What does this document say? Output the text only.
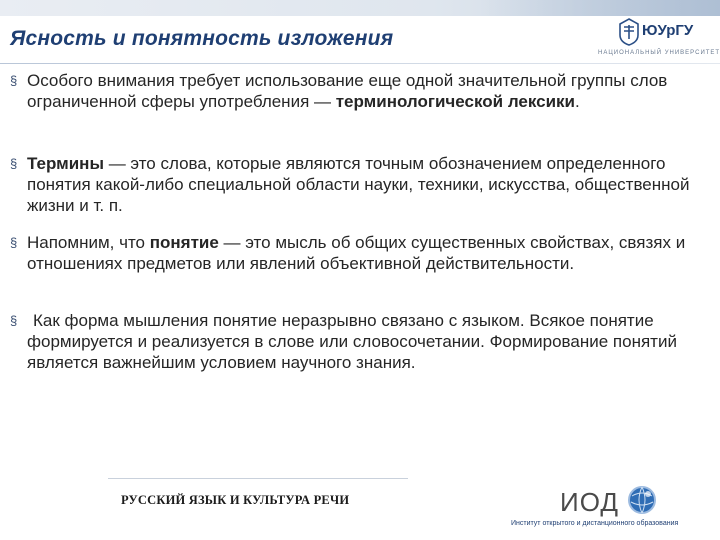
Ясность и понятность изложения	ЮУрГУ
НАЦИОНАЛЬНЫЙ УНИВЕРСИТЕТ

§ Особого внимания требует использование еще одной значительной группы слов ограниченной сферы употребления — терминологической лексики.

§ Термины — это слова, которые являются точным обозначением определенного понятия какой-либо специальной области науки, техники, искусства, общественной жизни и т. п.

§ Напомним, что понятие — это мысль об общих существенных свойствах, связях и отношениях предметов или явлений объективной действительности.

§ Как форма мышления понятие неразрывно связано с языком. Всякое понятие формируется и реализуется в слове или словосочетании. Формирование понятий является важнейшим условием научного знания.

РУССКИЙ ЯЗЫК И КУЛЬТУРА РЕЧИ	ИОД
Институт открытого и дистанционного образования
